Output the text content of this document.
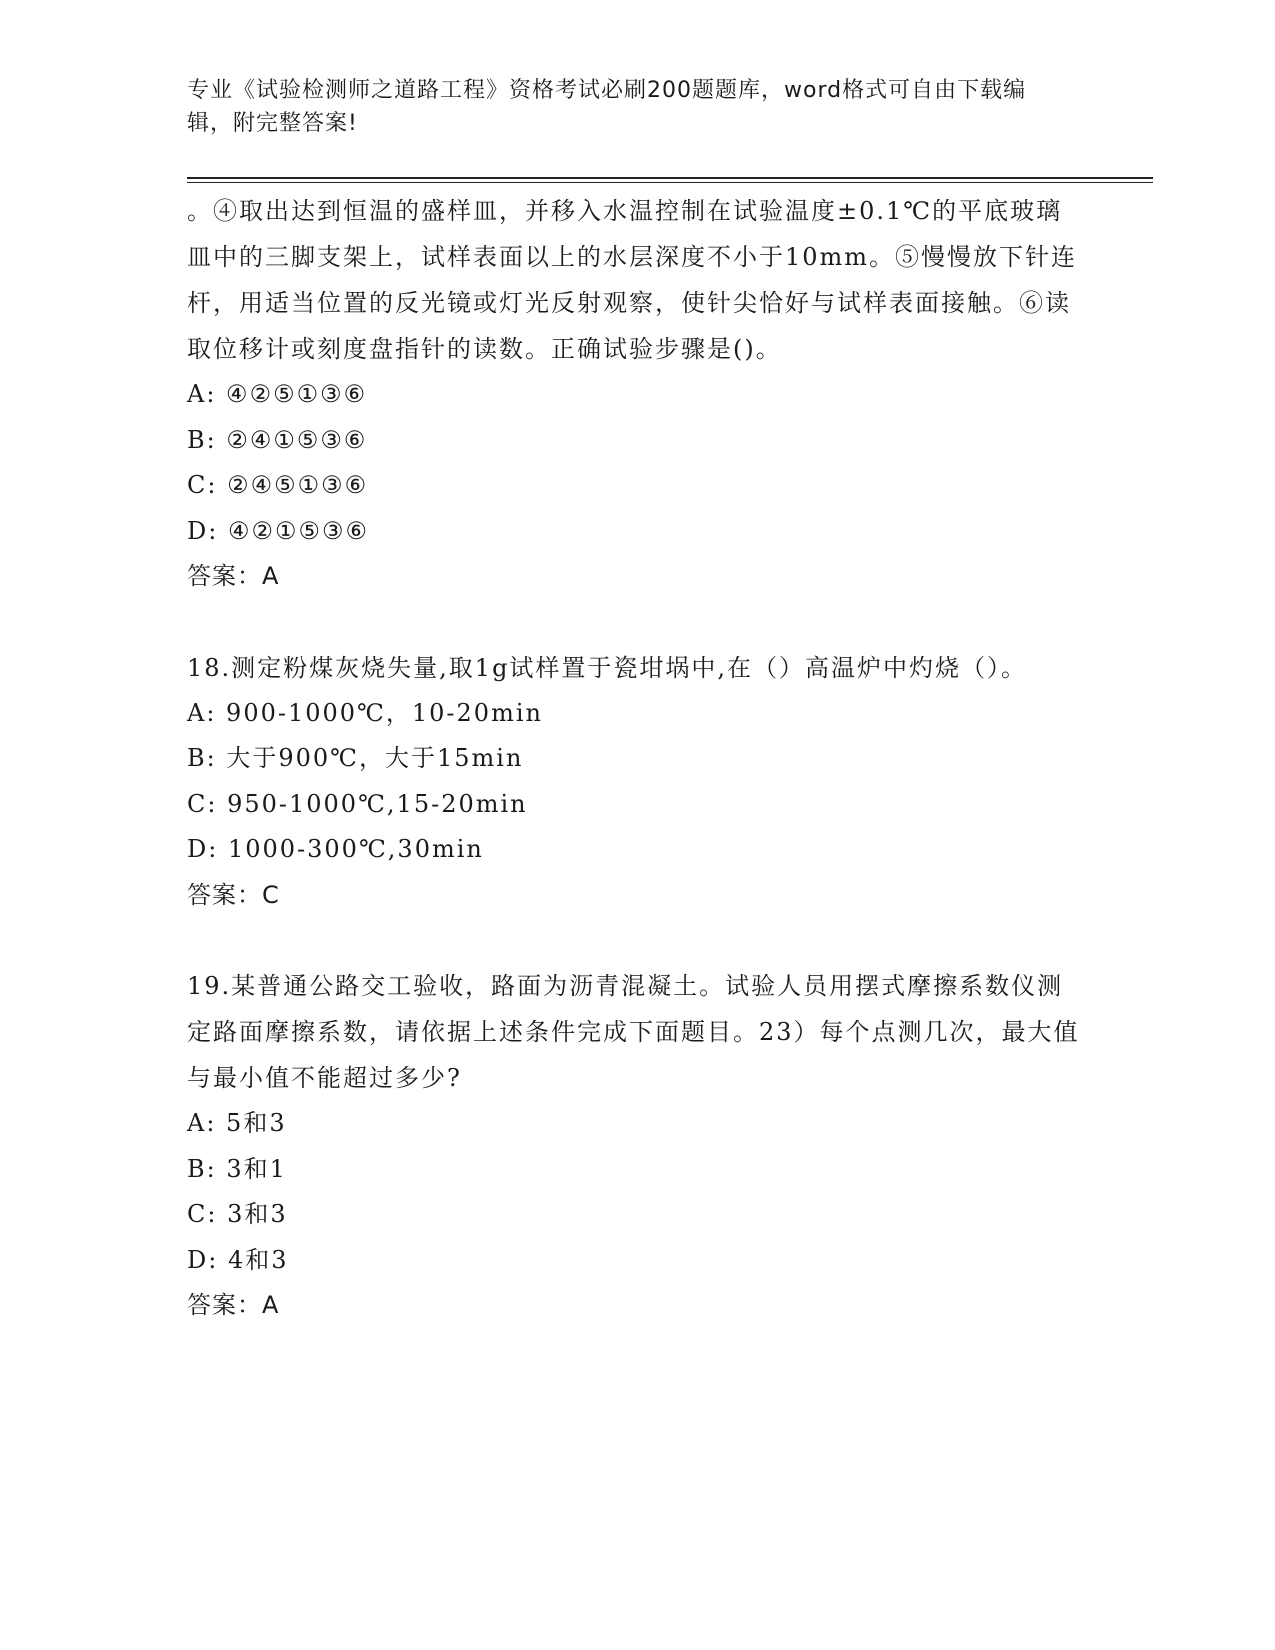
专业《试验检测师之道路工程》资格考试必刷200题题库，word格式可自由下载编辑，附完整答案!

。④取出达到恒温的盛样皿，并移入水温控制在试验温度±0.1℃的平底玻璃皿中的三脚支架上，试样表面以上的水层深度不小于10mm。⑤慢慢放下针连杆，用适当位置的反光镜或灯光反射观察，使针尖恰好与试样表面接触。⑥读取位移计或刻度盘指针的读数。正确试验步骤是()。

A: ④②⑤①③⑥
B: ②④①⑤③⑥
C: ②④⑤①③⑥
D: ④②①⑤③⑥
答案：A

18.测定粉煤灰烧失量,取1g试样置于瓷坩埚中,在（）高温炉中灼烧（）。

A: 900-1000℃，10-20min
B: 大于900℃，大于15min
C: 950-1000℃,15-20min
D: 1000-300℃,30min
答案：C

19.某普通公路交工验收，路面为沥青混凝土。试验人员用摆式摩擦系数仪测定路面摩擦系数，请依据上述条件完成下面题目。23）每个点测几次，最大值与最小值不能超过多少?

A: 5和3
B: 3和1
C: 3和3
D: 4和3
答案：A
